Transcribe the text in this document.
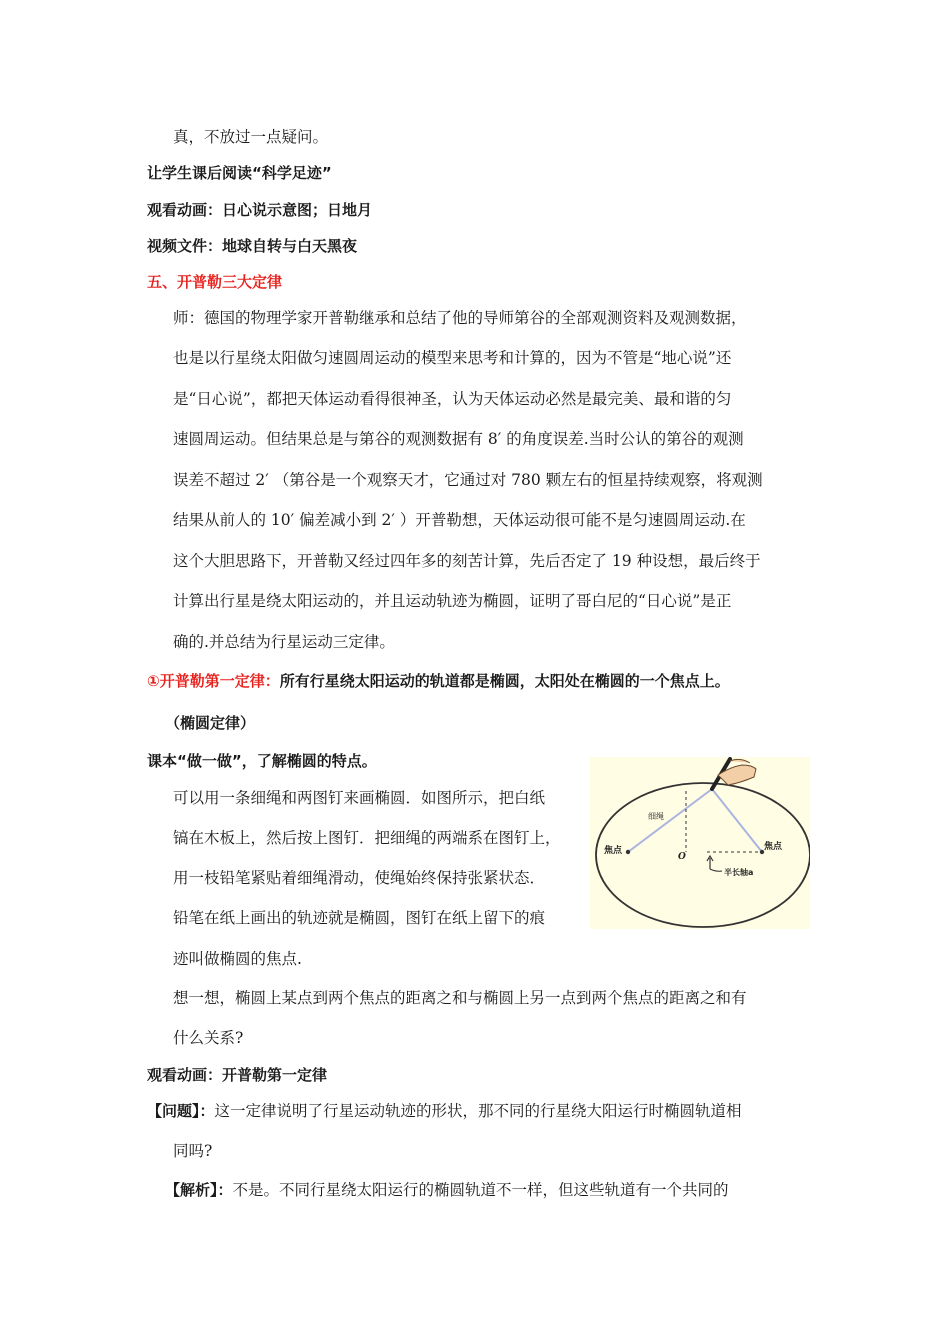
真，不放过一点疑问。
让学生课后阅读“科学足迹”
观看动画：日心说示意图；日地月
视频文件：地球自转与白天黑夜
五、开普勒三大定律
师：德国的物理学家开普勒继承和总结了他的导师第谷的全部观测资料及观测数据，
也是以行星绕太阳做匀速圆周运动的模型来思考和计算的，因为不管是“地心说”还
是“日心说”，都把天体运动看得很神圣，认为天体运动必然是最完美、最和谐的匀
速圆周运动。但结果总是与第谷的观测数据有 8′ 的角度误差.当时公认的第谷的观测
误差不超过 2′ （第谷是一个观察天才，它通过对 780 颗左右的恒星持续观察，将观测
结果从前人的 10′ 偏差减小到 2′ ）开普勒想，天体运动很可能不是匀速圆周运动.在
这个大胆思路下，开普勒又经过四年多的刻苦计算，先后否定了 19 种设想，最后终于
计算出行星是绕太阳运动的，并且运动轨迹为椭圆，证明了哥白尼的“日心说”是正
确的.并总结为行星运动三定律。
①开普勒第一定律：所有行星绕太阳运动的轨道都是椭圆，太阳处在椭圆的一个焦点上。
（椭圆定律）
课本“做一做”，了解椭圆的特点。
可以用一条细绳和两图钉来画椭圆．如图所示，把白纸
镐在木板上，然后按上图钉．把细绳的两端系在图钉上，
用一枝铅笔紧贴着细绳滑动，使绳始终保持张紧状态．
铅笔在纸上画出的轨迹就是椭圆，图钉在纸上留下的痕
迹叫做椭圆的焦点.
细绳
焦点
O
焦点
半长轴a
想一想，椭圆上某点到两个焦点的距离之和与椭圆上另一点到两个焦点的距离之和有
什么关系?
观看动画：开普勒第一定律
【问题】：这一定律说明了行星运动轨迹的形状，那不同的行星绕大阳运行时椭圆轨道相
同吗?
【解析】：不是。不同行星绕太阳运行的椭圆轨道不一样，但这些轨道有一个共同的
